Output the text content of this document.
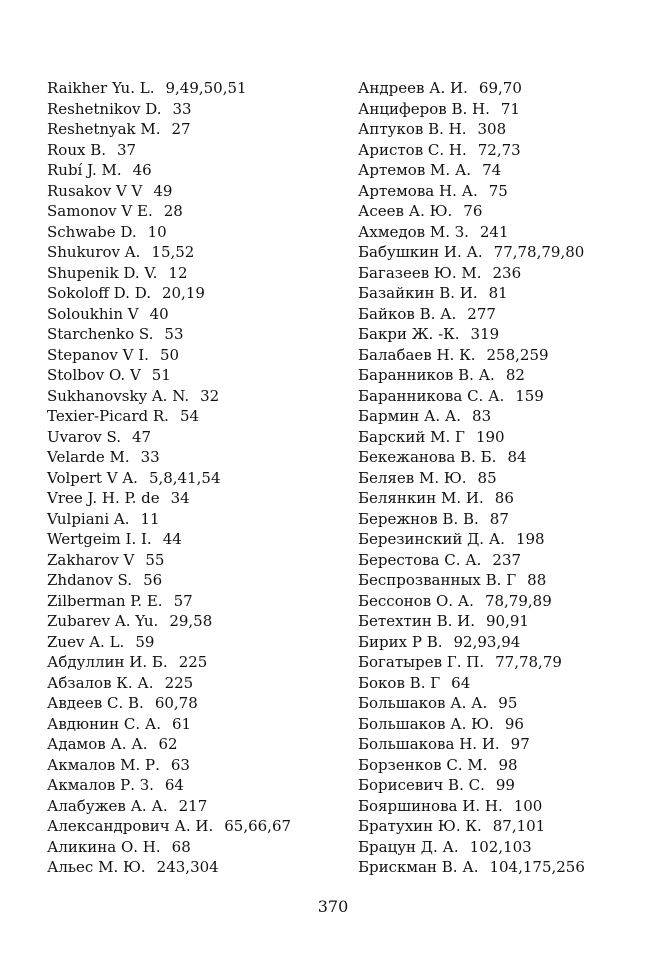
Raikher Yu. L. 9,49,50,51
Reshetnikov D. 33
Reshetnyak M. 27
Roux B. 37
Rubí J. M. 46
Rusakov V V 49
Samonov V E. 28
Schwabe D. 10
Shukurov A. 15,52
Shupenik D. V. 12
Sokoloff D. D. 20,19
Soloukhin V 40
Starchenko S. 53
Stepanov V I. 50
Stolbov O. V 51
Sukhanovsky A. N. 32
Texier-Picard R. 54
Uvarov S. 47
Velarde M. 33
Volpert V A. 5,8,41,54
Vree J. H. P. de 34
Vulpiani A. 11
Wertgeim I. I. 44
Zakharov V 55
Zhdanov S. 56
Zilberman P. E. 57
Zubarev A. Yu. 29,58
Zuev A. L. 59
Абдуллин И. Б. 225
Абзалов К. А. 225
Авдеев С. В. 60,78
Авдюнин С. А. 61
Адамов А. А. 62
Акмалов М. Р. 63
Акмалов Р. З. 64
Алабужев А. А. 217
Александрович А. И. 65,66,67
Аликина О. Н. 68
Альес М. Ю. 243,304
Андреев А. И. 69,70
Анциферов В. Н. 71
Аптуков В. Н. 308
Аристов С. Н. 72,73
Артемов М. А. 74
Артемова Н. А. 75
Асеев А. Ю. 76
Ахмедов М. З. 241
Бабушкин И. А. 77,78,79,80
Багазеев Ю. М. 236
Базайкин В. И. 81
Байков В. А. 277
Бакри Ж. -К. 319
Балабаев Н. К. 258,259
Баранников В. А. 82
Баранникова С. А. 159
Бармин А. А. 83
Барский М. Г 190
Бекежанова В. Б. 84
Беляев М. Ю. 85
Белянкин М. И. 86
Бережнов В. В. 87
Березинский Д. А. 198
Берестова С. А. 237
Беспрозванных В. Г 88
Бессонов О. А. 78,79,89
Бетехтин В. И. 90,91
Бирих Р В. 92,93,94
Богатырев Г. П. 77,78,79
Боков В. Г 64
Большаков А. А. 95
Большаков А. Ю. 96
Большакова Н. И. 97
Борзенков С. М. 98
Борисевич В. С. 99
Бояршинова И. Н. 100
Братухин Ю. К. 87,101
Брацун Д. А. 102,103
Брискман В. А. 104,175,256
370
